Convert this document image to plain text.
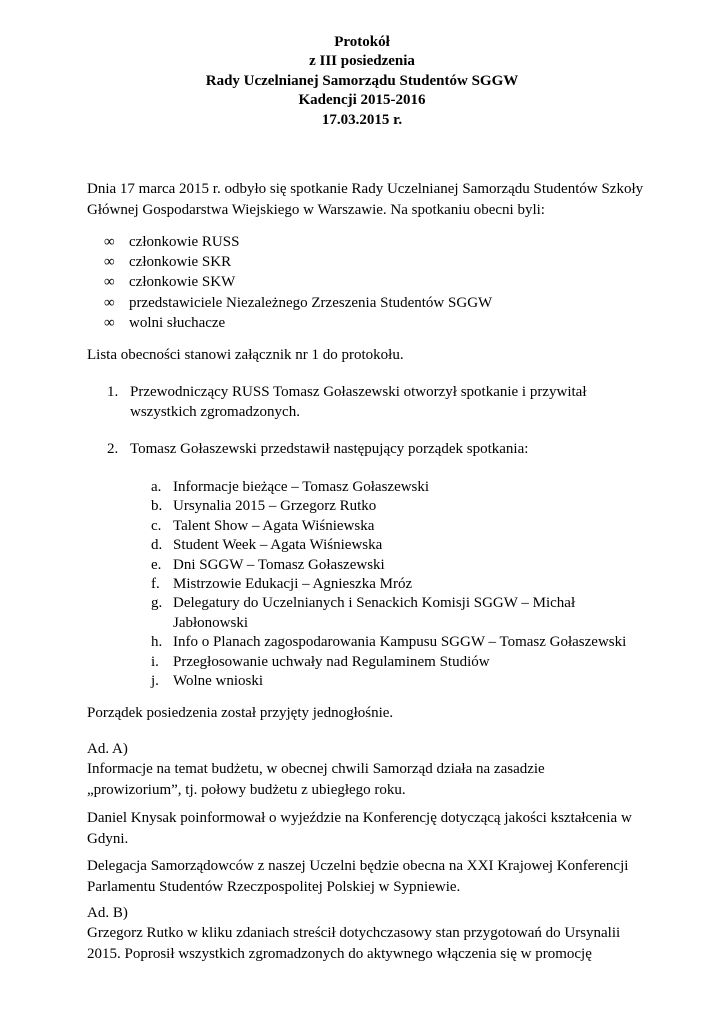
Protokół
z III posiedzenia
Rady Uczelnianej Samorządu Studentów SGGW
Kadencji 2015-2016
17.03.2015 r.
Dnia 17 marca 2015 r. odbyło się spotkanie Rady Uczelnianej Samorządu Studentów Szkoły Głównej Gospodarstwa Wiejskiego w Warszawie. Na spotkaniu obecni byli:
∞ członkowie RUSS
∞ członkowie SKR
∞ członkowie SKW
∞ przedstawiciele Niezależnego Zrzeszenia Studentów SGGW
∞ wolni słuchacze
Lista obecności stanowi załącznik nr 1 do protokołu.
1. Przewodniczący RUSS Tomasz Gołaszewski otworzył spotkanie i przywitał wszystkich zgromadzonych.
2. Tomasz Gołaszewski przedstawił następujący porządek spotkania:
a. Informacje bieżące – Tomasz Gołaszewski
b. Ursynalia 2015 – Grzegorz Rutko
c. Talent Show – Agata Wiśniewska
d. Student Week – Agata Wiśniewska
e. Dni SGGW – Tomasz Gołaszewski
f. Mistrzowie Edukacji – Agnieszka Mróz
g. Delegatury do Uczelnianych i Senackich Komisji SGGW – Michał Jabłonowski
h. Info o Planach zagospodarowania Kampusu SGGW – Tomasz Gołaszewski
i. Przegłosowanie uchwały nad Regulaminem Studiów
j. Wolne wnioski
Porządek posiedzenia został przyjęty jednogłośnie.
Ad. A)
Informacje na temat budżetu, w obecnej chwili Samorząd działa na zasadzie „prowizorium”, tj. połowy budżetu z ubiegłego roku.
Daniel Knysak poinformował o wyjeździe na Konferencję dotyczącą jakości kształcenia w Gdyni.
Delegacja Samorządowców z naszej Uczelni będzie obecna na XXI Krajowej Konferencji Parlamentu Studentów Rzeczpospolitej Polskiej w Sypniewie.
Ad. B)
Grzegorz Rutko w kliku zdaniach streścił dotychczasowy stan przygotowań do Ursynalii 2015. Poprosił wszystkich zgromadzonych do aktywnego włączenia się w promocję
